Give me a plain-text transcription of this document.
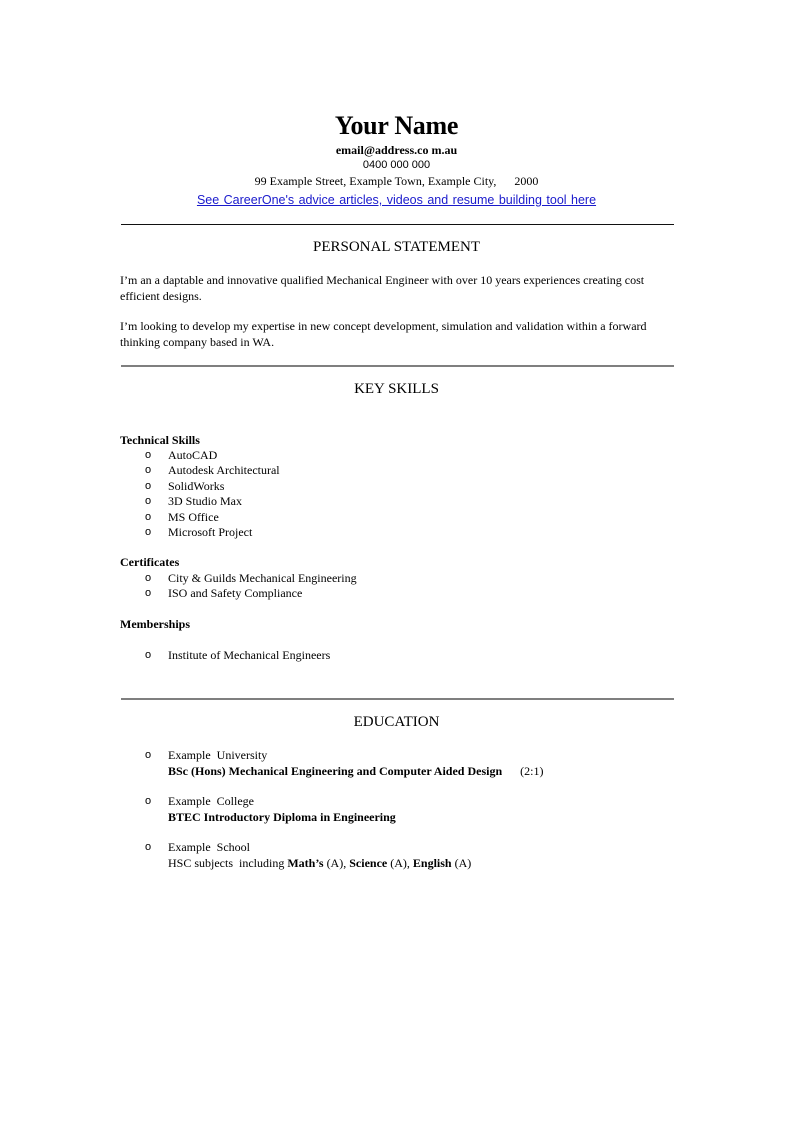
Your Name
email@address.co m.au
0400 000 000
99 Example Street, Example Town, Example City,      2000
See CareerOne's advice articles, videos and resume building tool here
PERSONAL STATEMENT

I’m an a daptable and innovative qualified Mechanical Engineer with over 10 years experiences creating cost efficient designs.

I’m looking to develop my expertise in new concept development, simulation and validation within a forward thinking company based in WA.

KEY SKILLS
Technical Skills
o AutoCAD
o Autodesk Architectural
o SolidWorks
o 3D Studio Max
o MS Office
o Microsoft Project
Certificates
o City & Guilds Mechanical Engineering
o ISO and Safety Compliance
Memberships
o Institute of Mechanical Engineers
EDUCATION
o	Example  University
BSc (Hons) Mechanical Engineering and Computer Aided Design (2:1)
o	Example  College
BTEC Introductory Diploma in Engineering
o	Example  School
HSC subjects  including Math’s (A), Science (A), English (A)
